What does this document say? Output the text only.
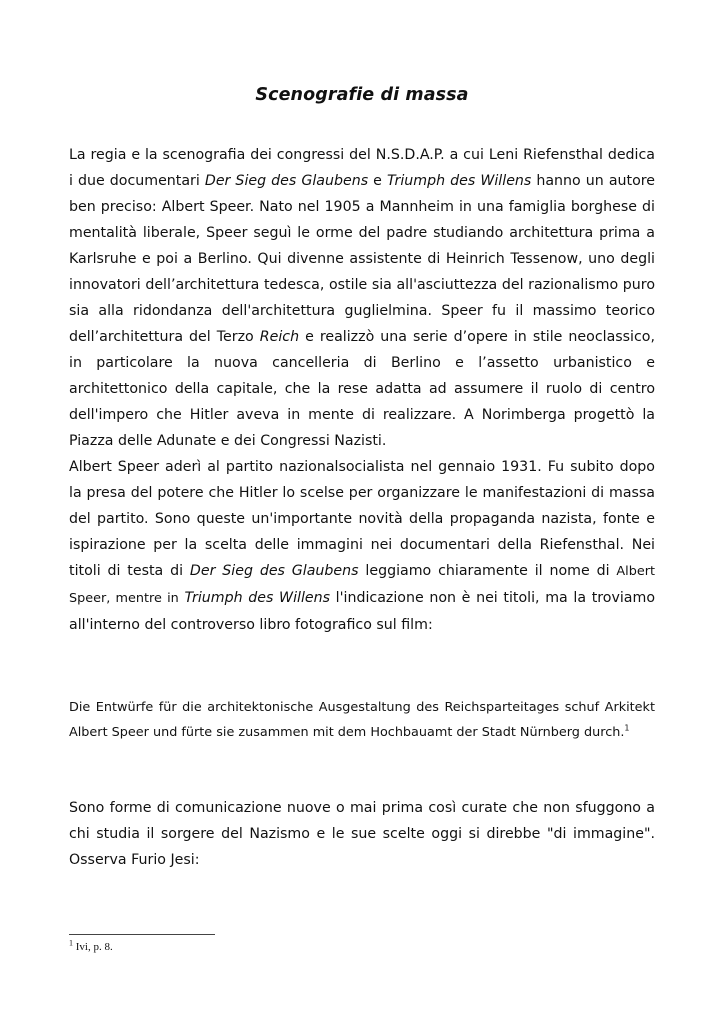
Scenografie di massa
La regia e la scenografia dei congressi del N.S.D.A.P. a cui Leni Riefensthal dedica i due documentari Der Sieg des Glaubens e Triumph des Willens hanno un autore ben preciso: Albert Speer. Nato nel 1905 a Mannheim in una famiglia borghese di mentalità liberale, Speer seguì le orme del padre studiando architettura prima a Karlsruhe e poi a Berlino. Qui divenne assistente di Heinrich Tessenow, uno degli innovatori dell’architettura tedesca, ostile sia all'asciuttezza del razionalismo puro sia alla ridondanza dell'architettura guglielmina. Speer fu il massimo teorico dell’architettura del Terzo Reich e realizzò una serie d’opere in stile neoclassico, in particolare la nuova cancelleria di Berlino e l’assetto urbanistico e architettonico della capitale, che la rese adatta ad assumere il ruolo di centro dell'impero che Hitler aveva in mente di realizzare. A Norimberga progettò la Piazza delle Adunate e dei Congressi Nazisti.
Albert Speer aderì al partito nazionalsocialista nel gennaio 1931. Fu subito dopo la presa del potere che Hitler lo scelse per organizzare le manifestazioni di massa del partito. Sono queste un'importante novità della propaganda nazista, fonte e ispirazione per la scelta delle immagini nei documentari della Riefensthal. Nei titoli di testa di Der Sieg des Glaubens leggiamo chiaramente il nome di Albert Speer, mentre in Triumph des Willens l'indicazione non è nei titoli, ma la troviamo all'interno del controverso libro fotografico sul film:
Die Entwürfe für die architektonische Ausgestaltung des Reichsparteitages schuf Arkitekt Albert Speer und fürte sie zusammen mit dem Hochbauamt der Stadt Nürnberg durch.$^1$
Sono forme di comunicazione nuove o mai prima così curate che non sfuggono a chi studia il sorgere del Nazismo e le sue scelte oggi si direbbe "di immagine". Osserva Furio Jesi:

$^1$ Ivi, p. 8.
